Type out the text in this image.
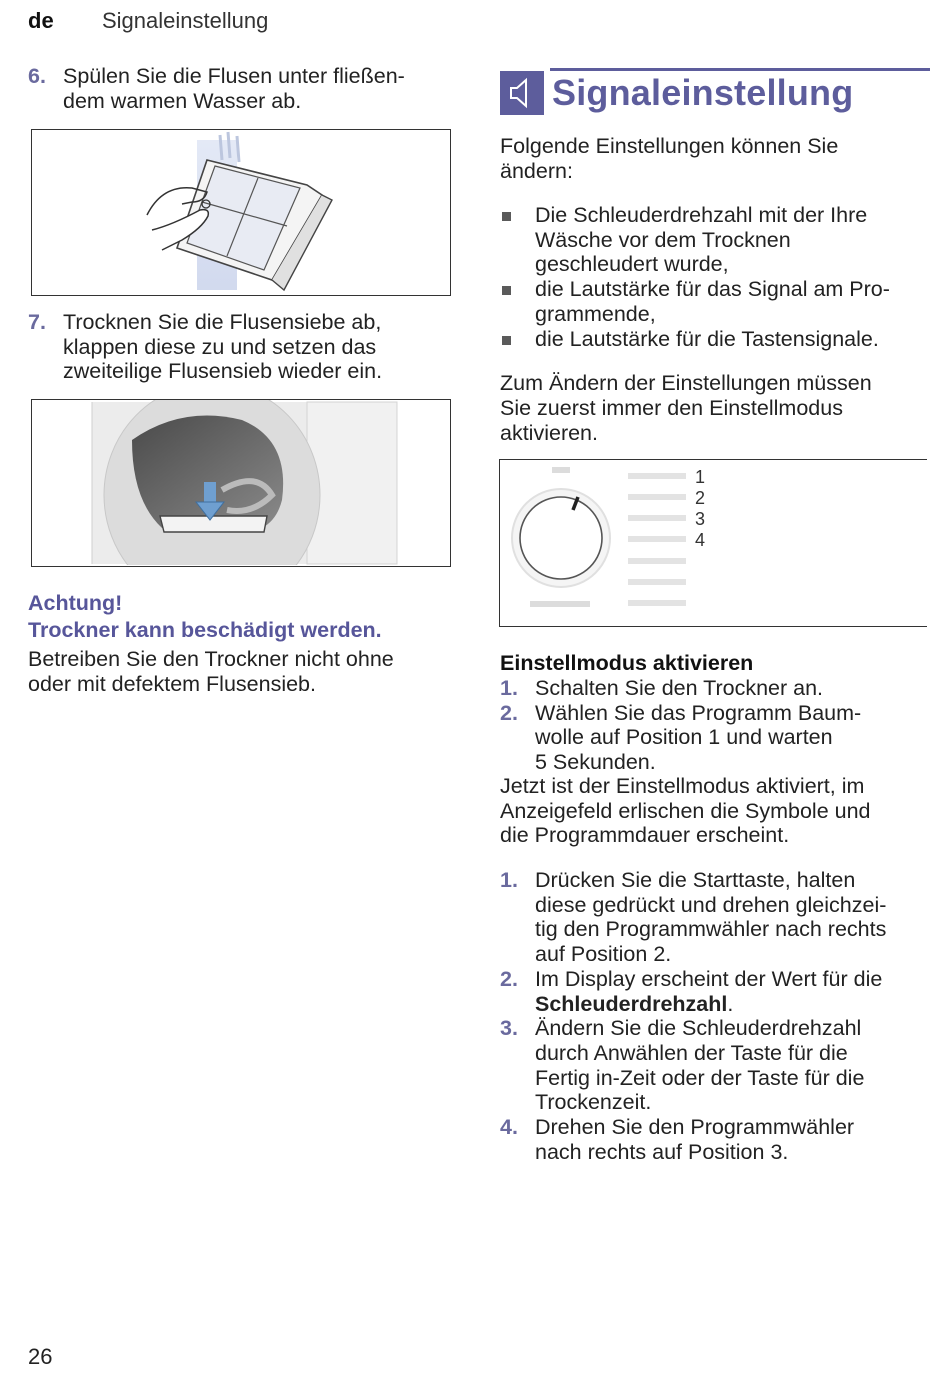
de Signaleinstellung
6. Spülen Sie die Flusen unter fließen-
dem warmen Wasser ab.
7. Trocknen Sie die Flusensiebe ab,
klappen diese zu und setzen das
zweiteilige Flusensieb wieder ein.
Achtung!
Trockner kann beschädigt werden.
Betreiben Sie den Trockner nicht ohne
oder mit defektem Flusensieb.
Signaleinstellung
Folgende Einstellungen können Sie
ändern:
Die Schleuderdrehzahl mit der Ihre
Wäsche vor dem Trocknen
geschleudert wurde,
die Lautstärke für das Signal am Pro-
grammende,
die Lautstärke für die Tastensignale.
Zum Ändern der Einstellungen müssen
Sie zuerst immer den Einstellmodus
aktivieren.
1
2
3
4
Einstellmodus aktivieren
1. Schalten Sie den Trockner an.
2. Wählen Sie das Programm Baum-
wolle auf Position 1 und warten
5 Sekunden.
Jetzt ist der Einstellmodus aktiviert, im
Anzeigefeld erlischen die Symbole und
die Programmdauer erscheint.
1. Drücken Sie die Starttaste, halten
diese gedrückt und drehen gleichzei-
tig den Programmwähler nach rechts
auf Position 2.
2. Im Display erscheint der Wert für die
Schleuderdrehzahl.
3. Ändern Sie die Schleuderdrehzahl
durch Anwählen der Taste für die
Fertig in-Zeit oder der Taste für die
Trockenzeit.
4. Drehen Sie den Programmwähler
nach rechts auf Position 3.
26
